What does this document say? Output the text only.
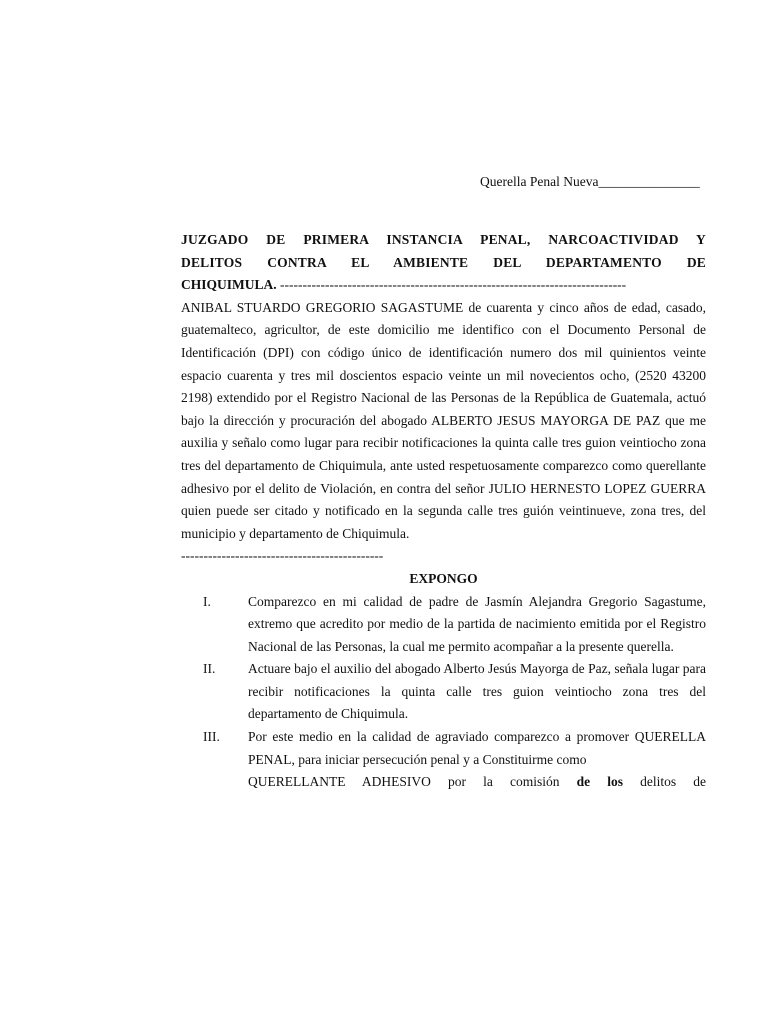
Querella Penal Nueva_______________

JUZGADO DE PRIMERA INSTANCIA PENAL, NARCOACTIVIDAD Y

DELITOS CONTRA EL AMBIENTE DEL DEPARTAMENTO DE

CHIQUIMULA. -----------------------------------------------------------------------------

ANIBAL STUARDO GREGORIO SAGASTUME de cuarenta y cinco años de edad, casado, guatemalteco, agricultor, de este domicilio me identifico con el Documento Personal de Identificación (DPI) con código único de identificación numero dos mil quinientos veinte espacio cuarenta y tres mil doscientos espacio veinte un mil novecientos ocho, (2520 43200 2198) extendido por el Registro Nacional de las Personas de la República de Guatemala, actuó bajo la dirección y procuración del abogado ALBERTO JESUS MAYORGA DE PAZ que me auxilia y señalo como lugar para recibir notificaciones la quinta calle tres guion veintiocho zona tres del departamento de Chiquimula, ante usted respetuosamente comparezco como querellante adhesivo por el delito de Violación, en contra del señor JULIO HERNESTO LOPEZ GUERRA quien puede ser citado y notificado en la segunda calle tres guión veintinueve, zona tres, del municipio y departamento de Chiquimula.

---------------------------------------------

EXPONGO

I.	Comparezco en mi calidad de padre de Jasmín Alejandra Gregorio Sagastume, extremo que acredito por medio de la partida de nacimiento emitida por el Registro Nacional de las Personas, la cual me permito acompañar a la presente querella.
II.	Actuare bajo el auxilio del abogado Alberto Jesús Mayorga de Paz, señala lugar para recibir notificaciones la quinta calle tres guion veintiocho zona tres del departamento de Chiquimula.
III.	Por este medio en la calidad de agraviado comparezco a promover QUERELLA PENAL, para iniciar persecución penal y a Constituirme como
QUERELLANTE ADHESIVO por la comisión de los delitos de
